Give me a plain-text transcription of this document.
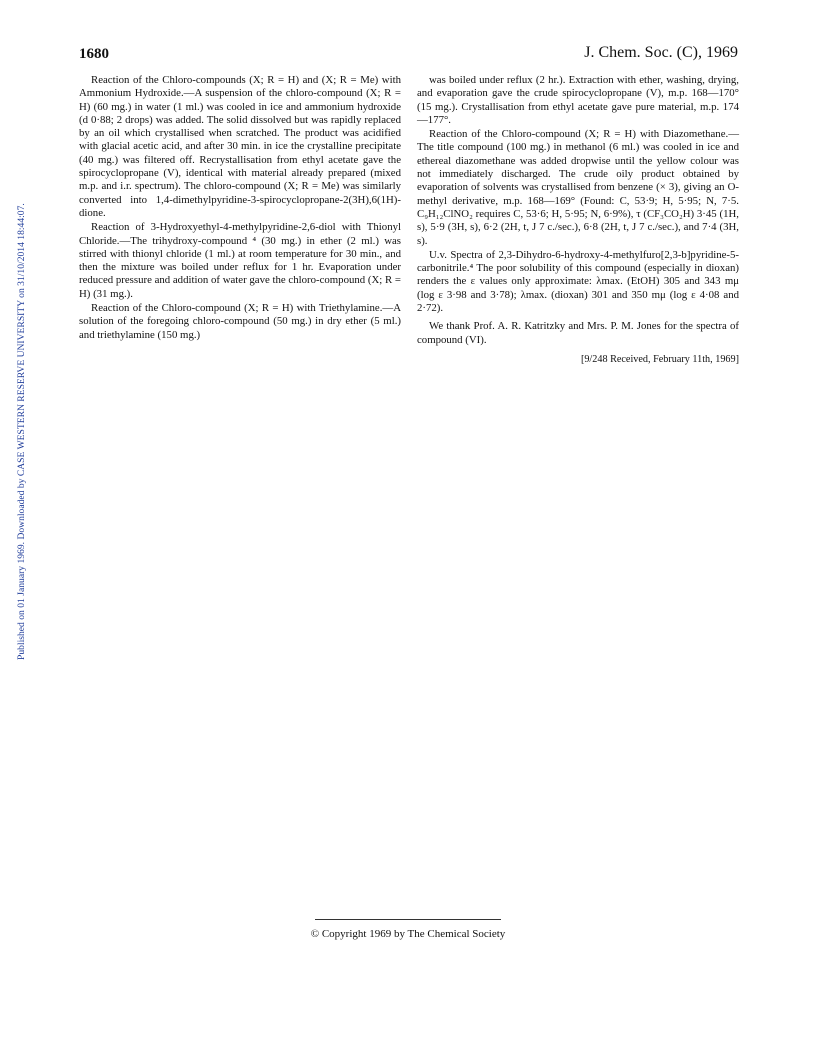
Published on 01 January 1969. Downloaded by CASE WESTERN RESERVE UNIVERSITY on 31/10/2014 18:44:07.
1680	J. Chem. Soc. (C), 1969

Reaction of the Chloro-compounds (X; R = H) and (X; R = Me) with Ammonium Hydroxide.—A suspension of the chloro-compound (X; R = H) (60 mg.) in water (1 ml.) was cooled in ice and ammonium hydroxide (d 0·88; 2 drops) was added. The solid dissolved but was rapidly replaced by an oil which crystallised when scratched. The product was acidified with glacial acetic acid, and after 30 min. in ice the crystalline precipitate (40 mg.) was filtered off. Recrystallisation from ethyl acetate gave the spirocyclopropane (V), identical with material already prepared (mixed m.p. and i.r. spectrum). The chloro-compound (X; R = Me) was similarly converted into 1,4-dimethylpyridine-3-spirocyclopropane-2(3H),6(1H)-dione.

Reaction of 3-Hydroxyethyl-4-methylpyridine-2,6-diol with Thionyl Chloride.—The trihydroxy-compound ⁴ (30 mg.) in ether (2 ml.) was stirred with thionyl chloride (1 ml.) at room temperature for 30 min., and then the mixture was boiled under reflux for 1 hr. Evaporation under reduced pressure and addition of water gave the chloro-compound (X; R = H) (31 mg.).

Reaction of the Chloro-compound (X; R = H) with Triethylamine.—A solution of the foregoing chloro-compound (50 mg.) in dry ether (5 ml.) and triethylamine (150 mg.)

was boiled under reflux (2 hr.). Extraction with ether, washing, drying, and evaporation gave the crude spirocyclopropane (V), m.p. 168—170° (15 mg.). Crystallisation from ethyl acetate gave pure material, m.p. 174—177°.

Reaction of the Chloro-compound (X; R = H) with Diazomethane.—The title compound (100 mg.) in methanol (6 ml.) was cooled in ice and ethereal diazomethane was added dropwise until the yellow colour was not immediately discharged. The crude oily product obtained by evaporation of solvents was crystallised from benzene (× 3), giving an O-methyl derivative, m.p. 168—169° (Found: C, 53·9; H, 5·95; N, 7·5. C₉H₁₂ClNO₂ requires C, 53·6; H, 5·95; N, 6·9%), τ (CF₃CO₂H) 3·45 (1H, s), 5·9 (3H, s), 6·2 (2H, t, J 7 c./sec.), 6·8 (2H, t, J 7 c./sec.), and 7·4 (3H, s).

U.v. Spectra of 2,3-Dihydro-6-hydroxy-4-methylfuro[2,3-b]pyridine-5-carbonitrile.⁴ The poor solubility of this compound (especially in dioxan) renders the ε values only approximate: λmax. (EtOH) 305 and 343 mμ (log ε 3·98 and 3·78); λmax. (dioxan) 301 and 350 mμ (log ε 4·08 and 2·72).

We thank Prof. A. R. Katritzky and Mrs. P. M. Jones for the spectra of compound (VI).

[9/248 Received, February 11th, 1969]
© Copyright 1969 by The Chemical Society
